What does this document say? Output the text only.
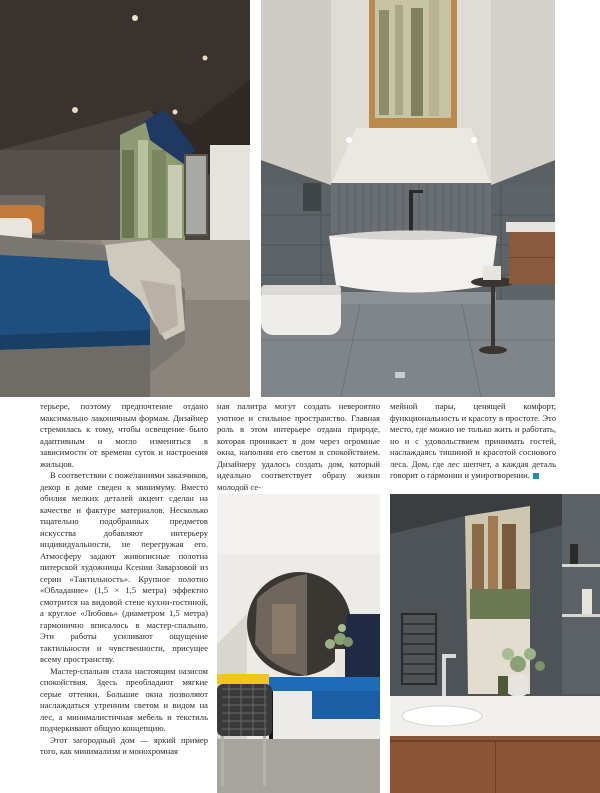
терьере, поэтому предпочтение отдано максимально лаконичным формам. Дизайнер стремилась к тому, чтобы освещение было адаптивным и могло изменяться в зависимости от времени суток и настроения жильцов.

В соответствии с пожеланиями заказчиков, декор в доме сведен к минимуму. Вместо обилия мелких деталей акцент сделан на качестве и фактуре материалов. Несколько тщательно подобранных предметов искусства добавляют интерьеру индивидуальности, не перегружая его. Атмосферу задают живописные полотна питерской художницы Ксении Заварзовой из серии «Тактильность». Крупное полотно «Обладание» (1,5 × 1,5 метра) эффектно смотрится на видовой стене кухни-гостиной, а круглое «Любовь» (диаметром 1,5 метра) гармонично вписалось в мастер-спальню. Эти работы усиливают ощущение тактильности и чувственности, присущее всему пространству.

Мастер-спальня стала настоящим оазисом спокойствия. Здесь преобладают мягкие серые оттенки. Большие окна позволяют наслаждаться утренним светом и видом на лес, а минималистичная мебель и текстиль подчеркивают общую концепцию.

Этот загородный дом — яркий пример того, как минимализм и монохромная

ная палитра могут создать невероятно уютное и стильное пространство. Главная роль в этом интерьере отдана природе, которая проникает в дом через огромные окна, наполняя его светом и спокойствием. Дизайнеру удалось создать дом, который идеально соответствует образу жизни молодой се-

мейной пары, ценящей комфорт, функциональность и красоту в простоте. Это место, где можно не только жить и работать, но и с удовольствием принимать гостей, наслаждаясь тишиной и красотой соснового леса. Дом, где лес шепчет, а каждая деталь говорит о гармонии и умиротворении.
